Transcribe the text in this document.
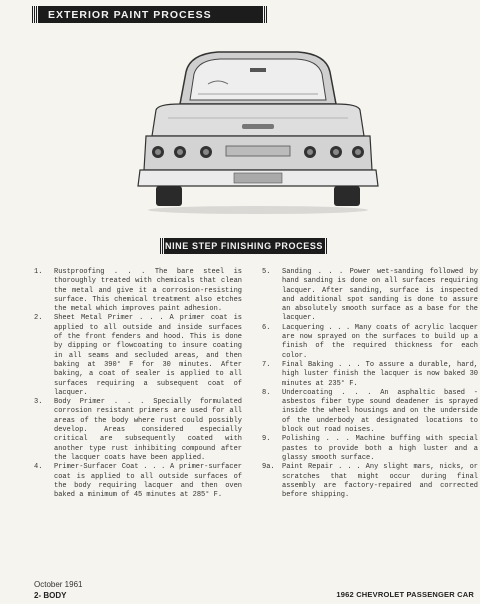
EXTERIOR PAINT PROCESS
NINE STEP FINISHING PROCESS
1.	Rustproofing . . . The bare steel is thoroughly treated with chemicals that clean the metal and give it a corrosion-resisting surface. This chemical treatment also etches the metal which improves paint adhesion.
2.	Sheet Metal Primer . . . A primer coat is applied to all outside and inside surfaces of the front fenders and hood. This is done by dipping or flowcoating to insure coating in all seams and secluded areas, and then baking at 390° F for 30 minutes. After baking, a coat of sealer is applied to all surfaces requiring a subsequent coat of lacquer.
3.	Body Primer . . . Specially formulated corrosion resistant primers are used for all areas of the body where rust could possibly develop. Areas considered especially critical are subsequently coated with another type rust inhibiting compound after the lacquer coats have been applied.
4.	Primer-Surfacer Coat . . . A primer-surfacer coat is applied to all outside surfaces of the body requiring lacquer and then oven baked a minimum of 45 minutes at 285° F.
5.	Sanding . . . Power wet-sanding followed by hand sanding is done on all surfaces requiring lacquer. After sanding, surface is inspected and additional spot sanding is done to assure an absolutely smooth surface as a base for the lacquer.
6.	Lacquering . . . Many coats of acrylic lacquer are now sprayed on the surfaces to build up a finish of the required thickness for each color.
7.	Final Baking . . . To assure a durable, hard, high luster finish the lacquer is now baked 30 minutes at 235° F.
8.	Undercoating . . . An asphaltic based - asbestos fiber type sound deadener is sprayed inside the wheel housings and on the underside of the underbody at designated locations to block out road noises.
9.	Polishing . . . Machine buffing with special pastes to provide both a high luster and a glassy smooth surface.
9a.	Paint Repair . . . Any slight mars, nicks, or scratches that might occur during final assembly are factory-repaired and corrected before shipping.
October 1961
2- BODY	1962 CHEVROLET PASSENGER CAR
